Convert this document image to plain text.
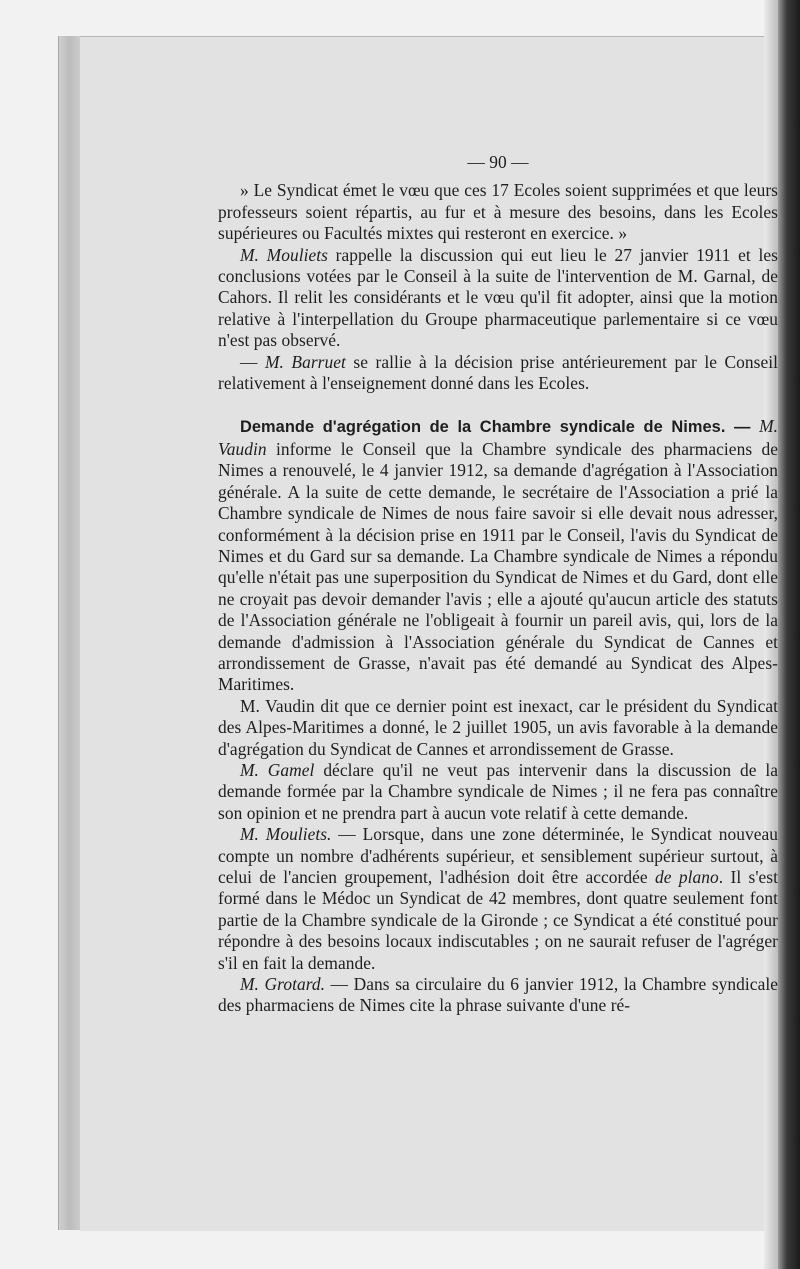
— 90 —

» Le Syndicat émet le vœu que ces 17 Ecoles soient supprimées et que leurs professeurs soient répartis, au fur et à mesure des besoins, dans les Ecoles supérieures ou Facultés mixtes qui resteront en exercice. »

M. Mouliets rappelle la discussion qui eut lieu le 27 janvier 1911 et les conclusions votées par le Conseil à la suite de l'intervention de M. Garnal, de Cahors. Il relit les considérants et le vœu qu'il fit adopter, ainsi que la motion relative à l'interpellation du Groupe pharmaceutique parlementaire si ce vœu n'est pas observé.

— M. Barruet se rallie à la décision prise antérieurement par le Conseil relativement à l'enseignement donné dans les Ecoles.

Demande d'agrégation de la Chambre syndicale de Nimes. — M. Vaudin informe le Conseil que la Chambre syndicale des pharmaciens de Nimes a renouvelé, le 4 janvier 1912, sa demande d'agrégation à l'Association générale. A la suite de cette demande, le secrétaire de l'Association a prié la Chambre syndicale de Nimes de nous faire savoir si elle devait nous adresser, conformément à la décision prise en 1911 par le Conseil, l'avis du Syndicat de Nimes et du Gard sur sa demande. La Chambre syndicale de Nimes a répondu qu'elle n'était pas une superposition du Syndicat de Nimes et du Gard, dont elle ne croyait pas devoir demander l'avis ; elle a ajouté qu'aucun article des statuts de l'Association générale ne l'obligeait à fournir un pareil avis, qui, lors de la demande d'admission à l'Association générale du Syndicat de Cannes et arrondissement de Grasse, n'avait pas été demandé au Syndicat des Alpes-Maritimes.

M. Vaudin dit que ce dernier point est inexact, car le président du Syndicat des Alpes-Maritimes a donné, le 2 juillet 1905, un avis favorable à la demande d'agrégation du Syndicat de Cannes et arrondissement de Grasse.

M. Gamel déclare qu'il ne veut pas intervenir dans la discussion de la demande formée par la Chambre syndicale de Nimes ; il ne fera pas connaître son opinion et ne prendra part à aucun vote relatif à cette demande.

M. Mouliets. — Lorsque, dans une zone déterminée, le Syndicat nouveau compte un nombre d'adhérents supérieur, et sensiblement supérieur surtout, à celui de l'ancien groupement, l'adhésion doit être accordée de plano. Il s'est formé dans le Médoc un Syndicat de 42 membres, dont quatre seulement font partie de la Chambre syndicale de la Gironde ; ce Syndicat a été constitué pour répondre à des besoins locaux indiscutables ; on ne saurait refuser de l'agréger s'il en fait la demande.

M. Grotard. — Dans sa circulaire du 6 janvier 1912, la Chambre syndicale des pharmaciens de Nimes cite la phrase suivante d'une ré-
